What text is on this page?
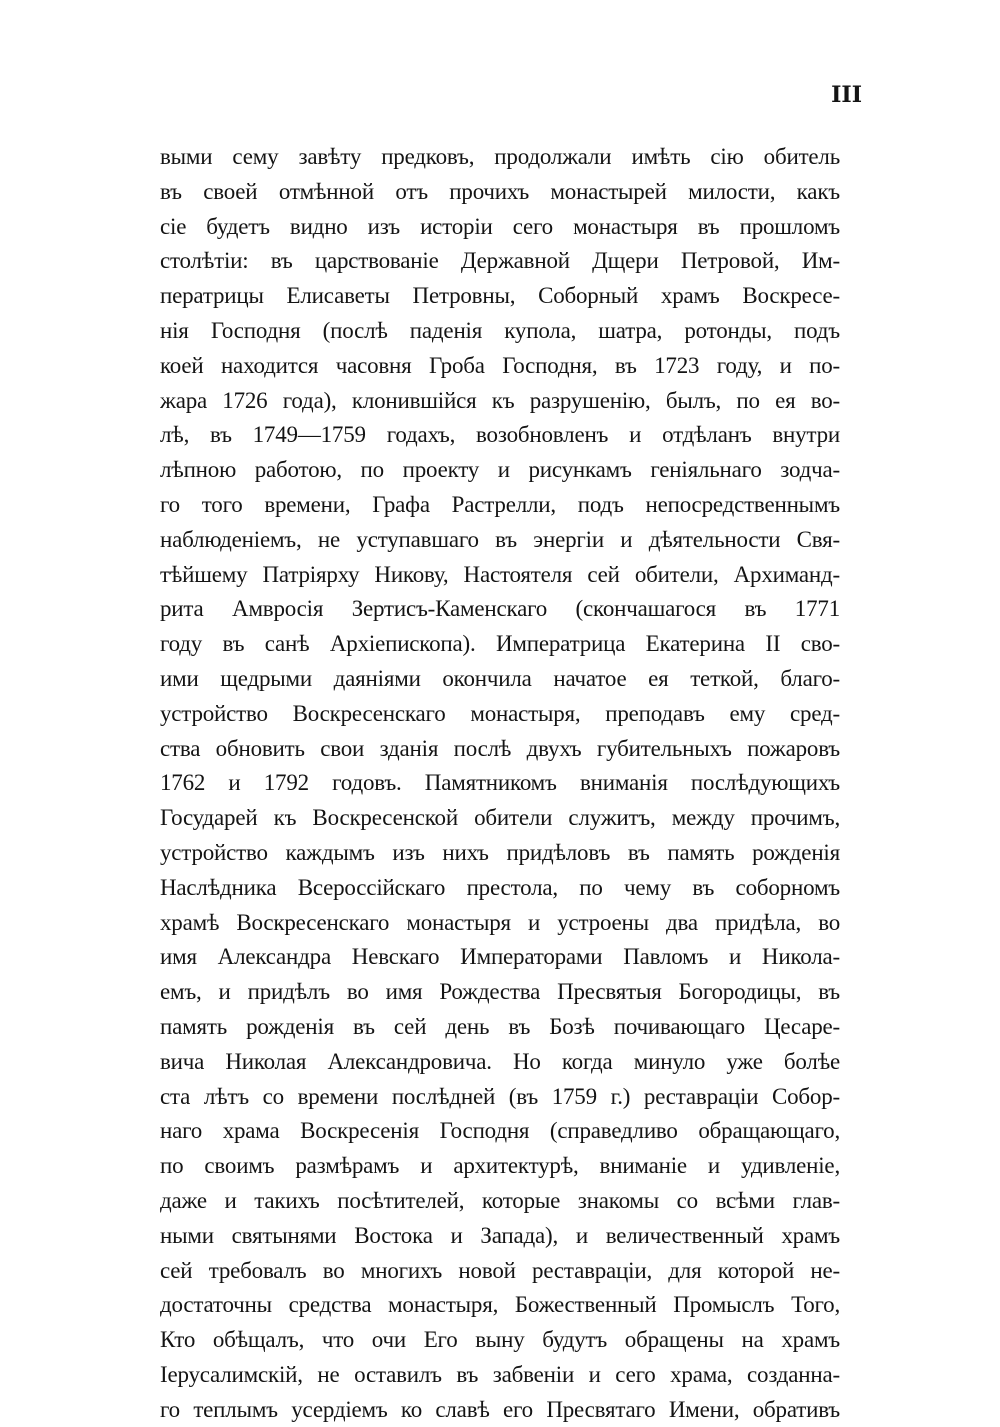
III
выми сему завѣту предковъ, продолжали имѣть сію обитель
въ своей отмѣнной отъ прочихъ монастырей милости, какъ
сіе будетъ видно изъ исторіи сего монастыря въ прошломъ
столѣтіи: въ царствованіе Державной Дщери Петровой, Им-
ператрицы Елисаветы Петровны, Соборный храмъ Воскресе-
нія Господня (послѣ паденія купола, шатра, ротонды, подъ
коей находится часовня Гроба Господня, въ 1723 году, и по-
жара 1726 года), клонившійся къ разрушенію, былъ, по ея во-
лѣ, въ 1749—1759 годахъ, возобновленъ и отдѣланъ внутри
лѣпною работою, по проекту и рисункамъ геніяльнаго зодча-
го того времени, Графа Растрелли, подъ непосредственнымъ
наблюденіемъ, не уступавшаго въ энергіи и дѣятельности Свя-
тѣйшему Патріярху Никову, Настоятеля сей обители, Архиманд-
рита Амвросія Зертисъ-Каменскаго (скончашагося въ 1771
году въ санѣ Архіепископа). Императрица Екатерина II сво-
ими щедрыми даяніями окончила начатое ея теткой, благо-
устройство Воскресенскаго монастыря, преподавъ ему сред-
ства обновить свои зданія послѣ двухъ губительныхъ пожаровъ
1762 и 1792 годовъ. Памятникомъ вниманія послѣдующихъ
Государей къ Воскресенской обители служитъ, между прочимъ,
устройство каждымъ изъ нихъ придѣловъ въ память рожденія
Наслѣдника Всероссійскаго престола, по чему въ соборномъ
храмѣ Воскресенскаго монастыря и устроены два придѣла, во
имя Александра Невскаго Императорами Павломъ и Никола-
емъ, и придѣлъ во имя Рождества Пресвятыя Богородицы, въ
память рожденія въ сей день въ Бозѣ почивающаго Цесаре-
вича Николая Александровича. Но когда минуло уже болѣе
ста лѣтъ со времени послѣдней (въ 1759 г.) реставраціи Собор-
наго храма Воскресенія Господня (справедливо обращающаго,
по своимъ размѣрамъ и архитектурѣ, вниманіе и удивленіе,
даже и такихъ посѣтителей, которые знакомы со всѣми глав-
ными святынями Востока и Запада), и величественный храмъ
сей требовалъ во многихъ новой реставраціи, для которой не-
достаточны средства монастыря, Божественный Промыслъ Того,
Кто обѣщалъ, что очи Его выну будутъ обращены на храмъ
Іерусалимскій, не оставилъ въ забвеніи и сего храма, созданна-
го теплымъ усердіемъ ко славѣ его Пресвятаго Имени, обративъ
